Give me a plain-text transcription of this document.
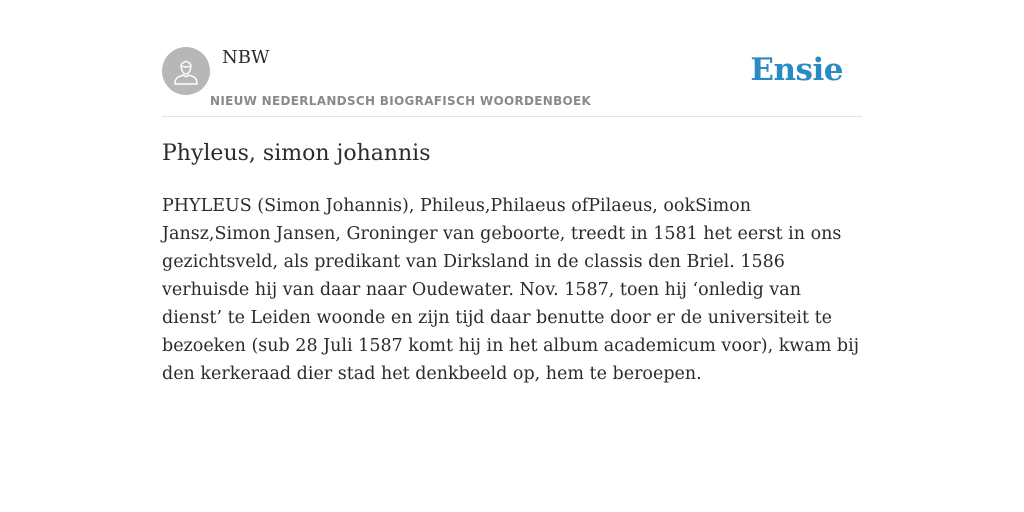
NBW
NIEUW NEDERLANDSCH BIOGRAFISCH WOORDENBOEK
Ensie
Phyleus, simon johannis

PHYLEUS (Simon Johannis), Phileus,Philaeus ofPilaeus, ookSimon Jansz,Simon Jansen, Groninger van geboorte, treedt in 1581 het eerst in ons gezichtsveld, als predikant van Dirksland in de classis den Briel. 1586 verhuisde hij van daar naar Oudewater. Nov. 1587, toen hij ‘onledig van dienst’ te Leiden woonde en zijn tijd daar benutte door er de universiteit te bezoeken (sub 28 Juli 1587 komt hij in het album academicum voor), kwam bij den kerkeraad dier stad het denkbeeld op, hem te beroepen.
